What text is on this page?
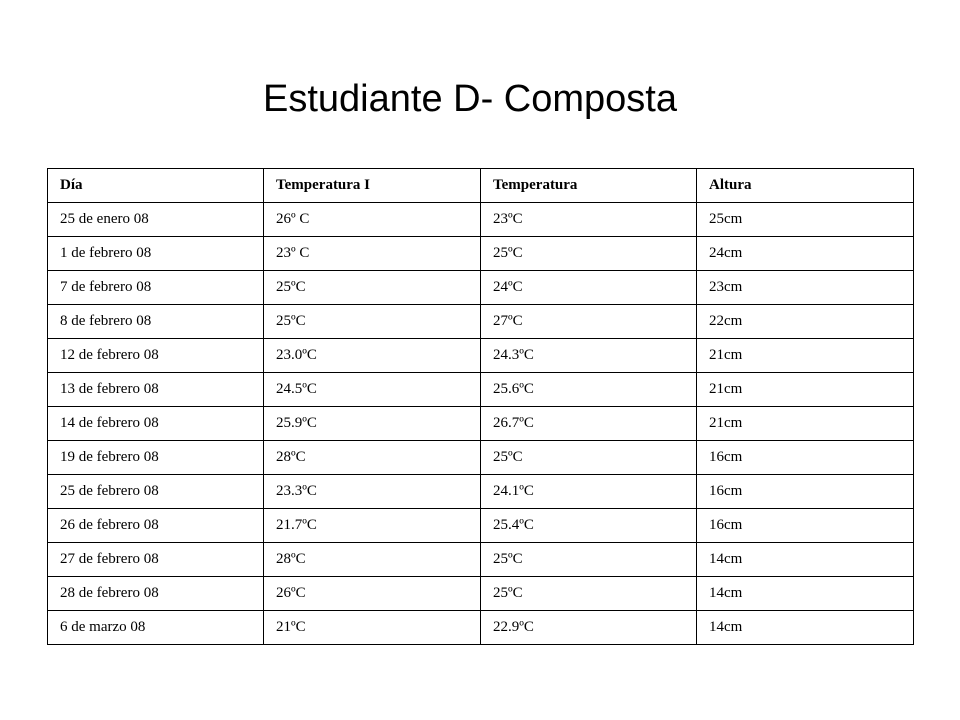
Estudiante D- Composta
Día	Temperatura I	Temperatura	Altura
25 de enero 08	26º C	23ºC	25cm
1 de febrero 08	23º C	25ºC	24cm
7 de febrero 08	25ºC	24ºC	23cm
8 de febrero 08	25ºC	27ºC	22cm
12 de febrero 08	23.0ºC	24.3ºC	21cm
13 de febrero 08	24.5ºC	25.6ºC	21cm
14 de febrero 08	25.9ºC	26.7ºC	21cm
19 de febrero 08	28ºC	25ºC	16cm
25 de febrero 08	23.3ºC	24.1ºC	16cm
26 de febrero 08	21.7ºC	25.4ºC	16cm
27 de febrero 08	28ºC	25ºC	14cm
28 de febrero 08	26ºC	25ºC	14cm
6 de marzo 08	21ºC	22.9ºC	14cm
